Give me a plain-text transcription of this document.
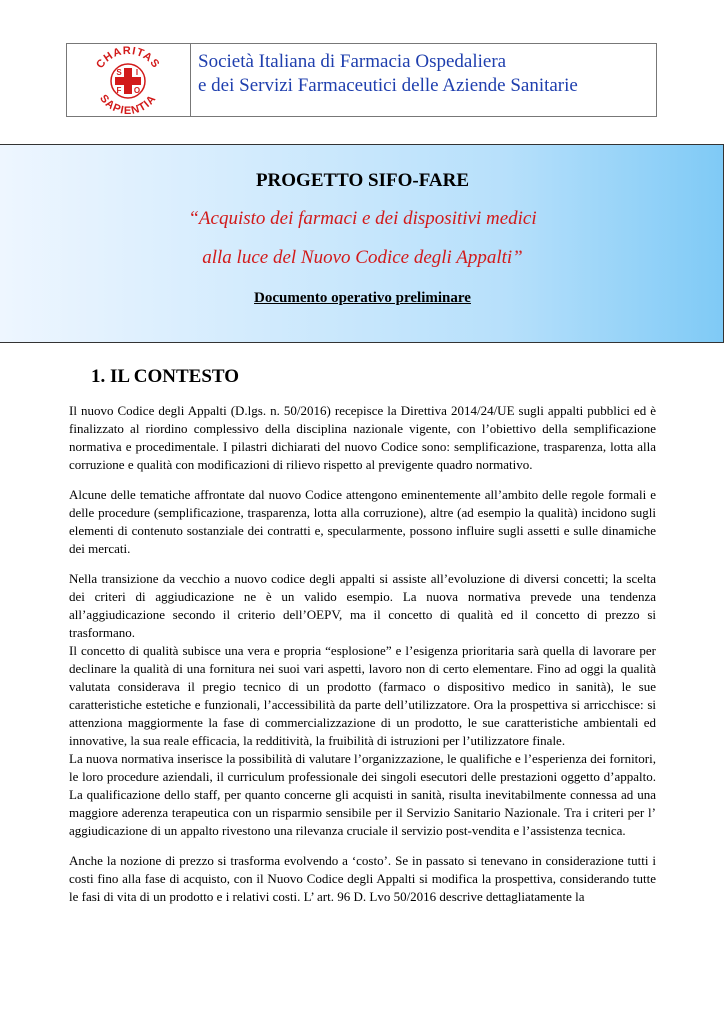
CHARITAS
SAPIENTIA
S I
F O
Società Italiana di Farmacia Ospedaliera
e dei Servizi Farmaceutici delle Aziende Sanitarie
PROGETTO SIFO-FARE
“Acquisto dei farmaci e dei dispositivi medici
alla luce del Nuovo Codice degli Appalti”
Documento operativo preliminare
1. IL CONTESTO

Il nuovo Codice degli Appalti (D.lgs. n. 50/2016) recepisce la Direttiva 2014/24/UE sugli appalti pubblici ed è finalizzato al riordino complessivo della disciplina nazionale vigente, con l’obiettivo della semplificazione normativa e procedimentale. I pilastri dichiarati del nuovo Codice sono: semplificazione, trasparenza, lotta alla corruzione e qualità con modificazioni di rilievo rispetto al previgente quadro normativo.

Alcune delle tematiche affrontate dal nuovo Codice attengono eminentemente all’ambito delle regole formali e delle procedure (semplificazione, trasparenza, lotta alla corruzione), altre (ad esempio la qualità) incidono sugli elementi di contenuto sostanziale dei contratti e, specularmente, possono influire sugli assetti e sulle dinamiche dei mercati.

Nella transizione da vecchio a nuovo codice degli appalti si assiste all’evoluzione di diversi concetti; la scelta dei criteri di aggiudicazione ne è un valido esempio. La nuova normativa prevede una tendenza all’aggiudicazione secondo il criterio dell’OEPV, ma il concetto di qualità ed il concetto di prezzo si trasformano.

Il concetto di qualità subisce una vera e propria “esplosione” e l’esigenza prioritaria sarà quella di lavorare per declinare la qualità di una fornitura nei suoi vari aspetti, lavoro non di certo elementare. Fino ad oggi la qualità valutata considerava il pregio tecnico di un prodotto (farmaco o dispositivo medico in sanità), le sue caratteristiche estetiche e funzionali, l’accessibilità da parte dell’utilizzatore. Ora la prospettiva si arricchisce: si attenziona maggiormente la fase di commercializzazione di un prodotto, le sue caratteristiche ambientali ed innovative, la sua reale efficacia, la redditività, la fruibilità di istruzioni per l’utilizzatore finale.

La nuova normativa inserisce la possibilità di valutare l’organizzazione, le qualifiche e l’esperienza dei fornitori, le loro procedure aziendali, il curriculum professionale dei singoli esecutori delle prestazioni oggetto d’appalto. La qualificazione dello staff, per quanto concerne gli acquisti in sanità, risulta inevitabilmente connessa ad una maggiore aderenza terapeutica con un risparmio sensibile per il Servizio Sanitario Nazionale. Tra i criteri per l’ aggiudicazione di un appalto rivestono una rilevanza cruciale il servizio post-vendita e l’assistenza tecnica.

Anche la nozione di prezzo si trasforma evolvendo a ‘costo’. Se in passato si tenevano in considerazione tutti i costi fino alla fase di acquisto, con il Nuovo Codice degli Appalti si modifica la prospettiva, considerando tutte le fasi di vita di un prodotto e i relativi costi. L’ art. 96 D. Lvo 50/2016 descrive dettagliatamente la
